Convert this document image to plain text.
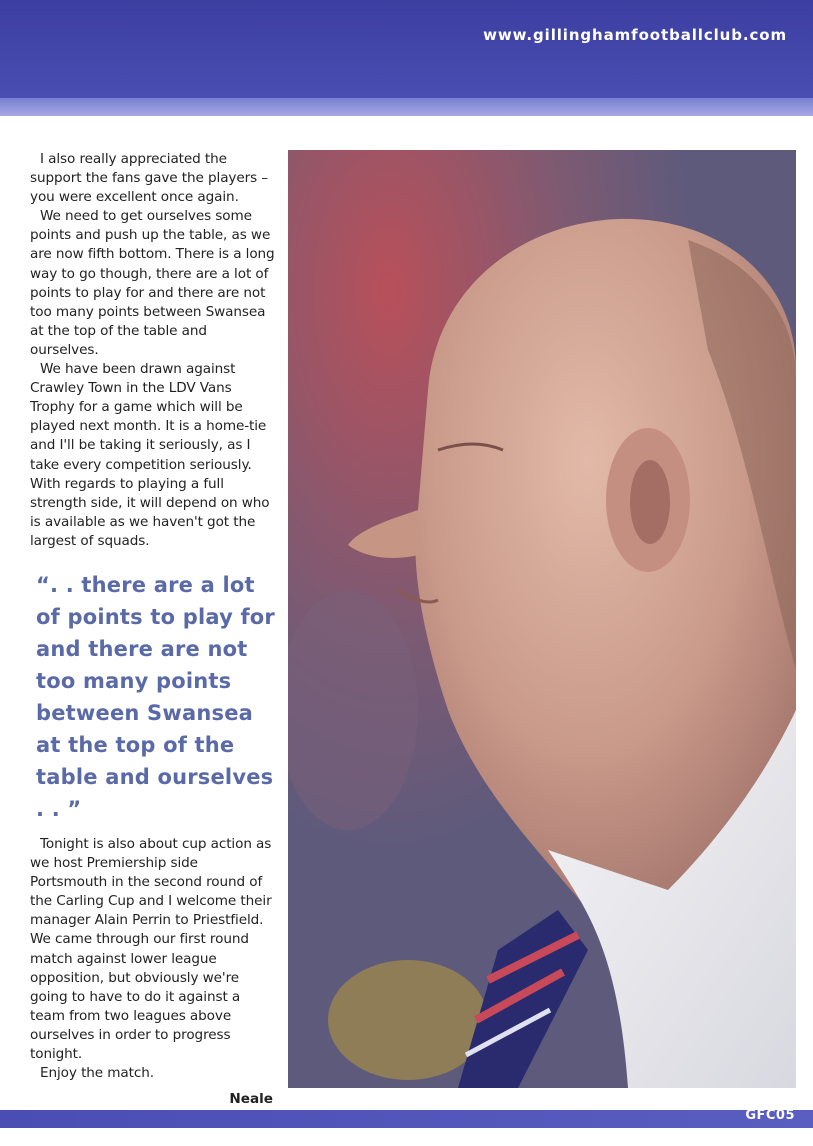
www.gillinghamfootballclub.com

I also really appreciated the support the fans gave the players – you were excellent once again.

We need to get ourselves some points and push up the table, as we are now fifth bottom. There is a long way to go though, there are a lot of points to play for and there are not too many points between Swansea at the top of the table and ourselves.

We have been drawn against Crawley Town in the LDV Vans Trophy for a game which will be played next month. It is a home-tie and I'll be taking it seriously, as I take every competition seriously. With regards to playing a full strength side, it will depend on who is available as we haven't got the largest of squads.

“. . there are a lot of points to play for and there are not too many points between Swansea at the top of the table and ourselves . . ”

Tonight is also about cup action as we host Premiership side Portsmouth in the second round of the Carling Cup and I welcome their manager Alain Perrin to Priestfield. We came through our first round match against lower league opposition, but obviously we're going to have to do it against a team from two leagues above ourselves in order to progress tonight.

Enjoy the match.

Neale
GFC05
